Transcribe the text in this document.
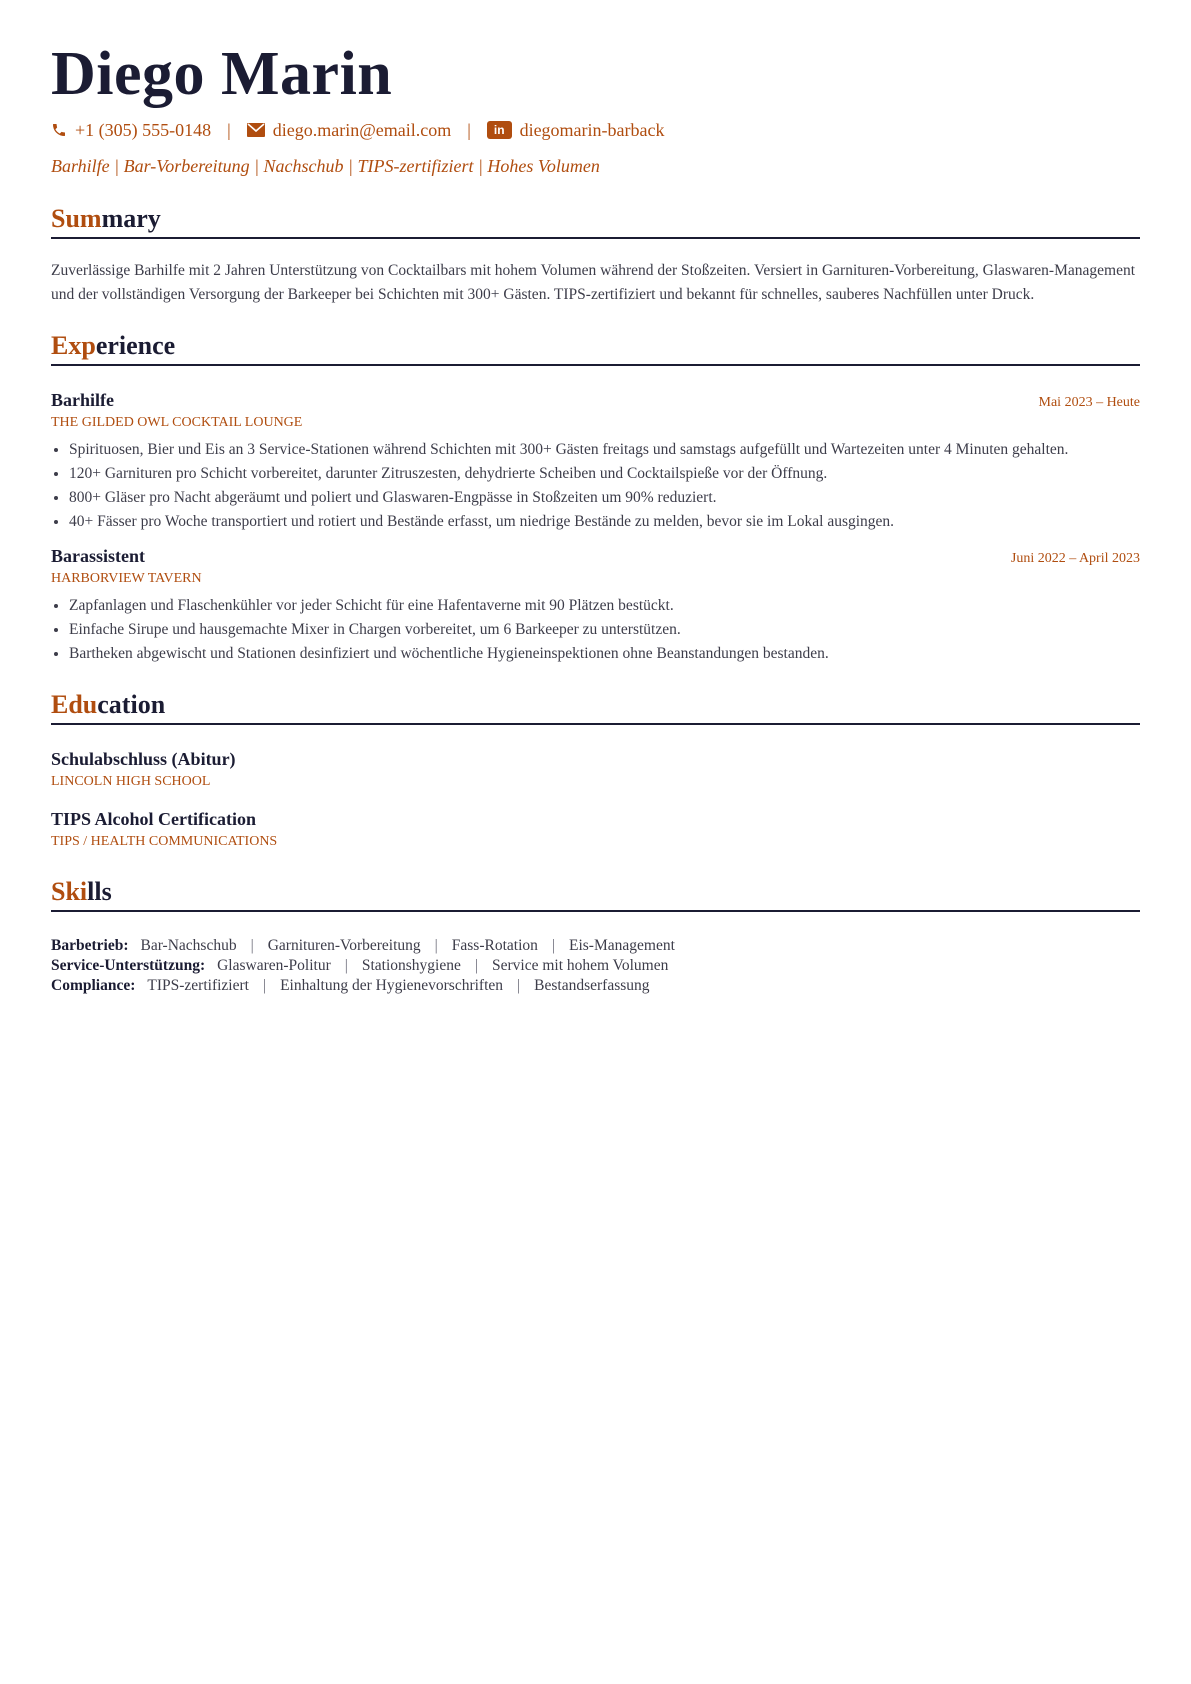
Diego Marin
+1 (305) 555-0148 | diego.marin@email.com |	in diegomarin-barback
Barhilfe | Bar-Vorbereitung | Nachschub | TIPS-zertifiziert | Hohes Volumen
Summary
Zuverlässige Barhilfe mit 2 Jahren Unterstützung von Cocktailbars mit hohem Volumen während der Stoßzeiten. Versiert in Garnituren-Vorbereitung, Glaswaren-Management und der vollständigen Versorgung der Barkeeper bei Schichten mit 300+ Gästen. TIPS-zertifiziert und bekannt für schnelles, sauberes Nachfüllen unter Druck.
Experience
Barhilfe	Mai 2023 – Heute
THE GILDED OWL COCKTAIL LOUNGE
• Spirituosen, Bier und Eis an 3 Service-Stationen während Schichten mit 300+ Gästen freitags und samstags aufgefüllt und Wartezeiten unter 4 Minuten gehalten.
• 120+ Garnituren pro Schicht vorbereitet, darunter Zitruszesten, dehydrierte Scheiben und Cocktailspieße vor der Öffnung.
• 800+ Gläser pro Nacht abgeräumt und poliert und Glaswaren-Engpässe in Stoßzeiten um 90% reduziert.
• 40+ Fässer pro Woche transportiert und rotiert und Bestände erfasst, um niedrige Bestände zu melden, bevor sie im Lokal ausgingen.
Barassistent	Juni 2022 – April 2023
HARBORVIEW TAVERN
• Zapfanlagen und Flaschenkühler vor jeder Schicht für eine Hafentaverne mit 90 Plätzen bestückt.
• Einfache Sirupe und hausgemachte Mixer in Chargen vorbereitet, um 6 Barkeeper zu unterstützen.
• Bartheken abgewischt und Stationen desinfiziert und wöchentliche Hygieneinspektionen ohne Beanstandungen bestanden.
Education
Schulabschluss (Abitur)
LINCOLN HIGH SCHOOL
TIPS Alcohol Certification
TIPS / HEALTH COMMUNICATIONS
Skills
Barbetrieb: Bar-Nachschub | Garnituren-Vorbereitung | Fass-Rotation | Eis-Management
Service-Unterstützung: Glaswaren-Politur | Stationshygiene | Service mit hohem Volumen
Compliance: TIPS-zertifiziert | Einhaltung der Hygienevorschriften | Bestandserfassung
